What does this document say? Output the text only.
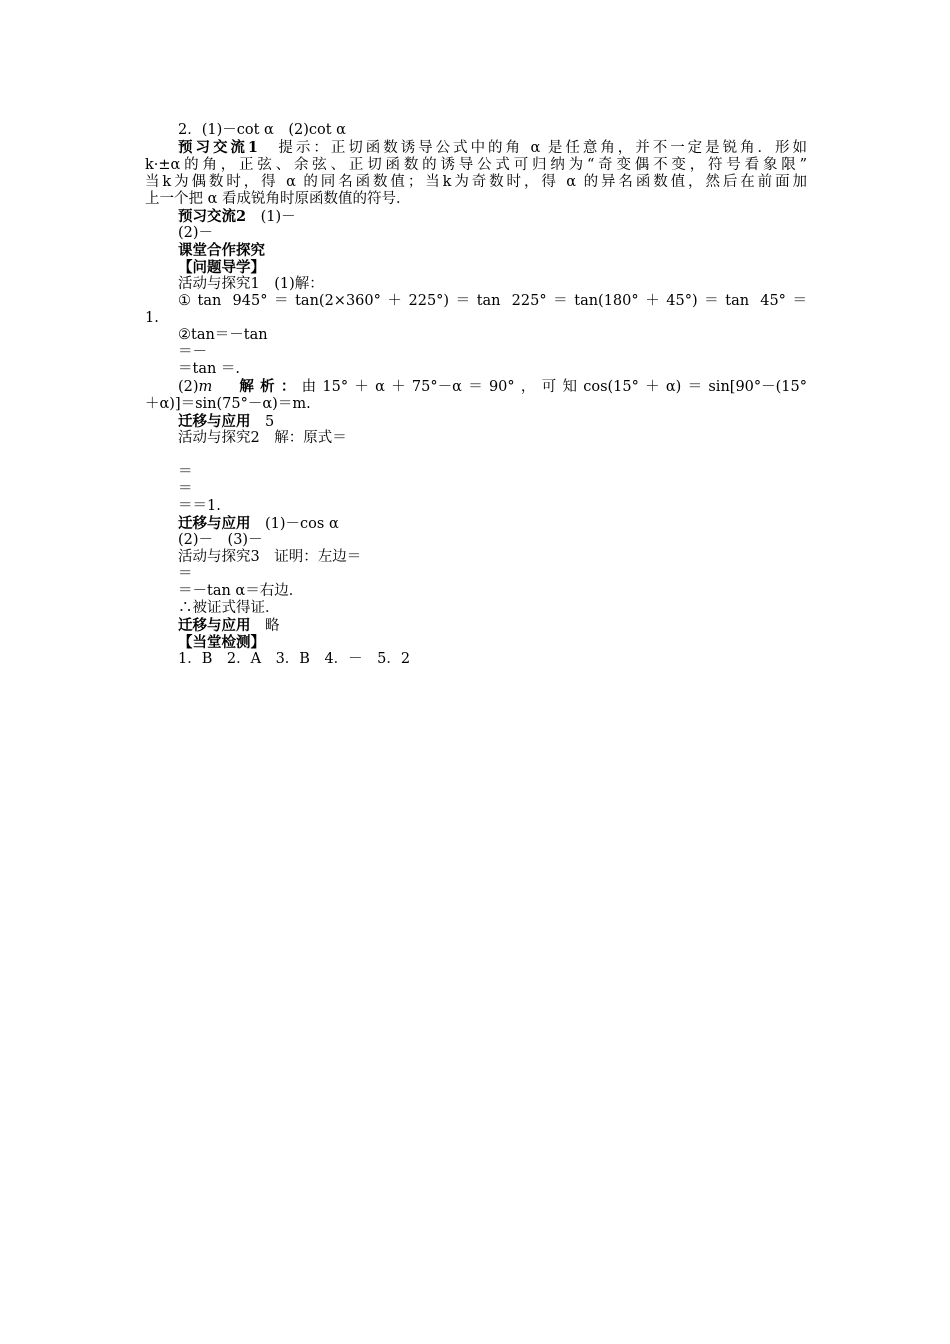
2．(1)－cot α　(2)cot α
预习交流1　提示：正切函数诱导公式中的角 α 是任意角，并不一定是锐角．形如
k·±α的角，正弦、余弦、正切函数的诱导公式可归纳为“奇变偶不变，符号看象限”
当k为偶数时，得 α 的同名函数值；当k为奇数时，得 α 的异名函数值，然后在前面加
上一个把 α 看成锐角时原函数值的符号．
预习交流2　(1)－
(2)－
课堂合作探究
【问题导学】
活动与探究1　(1)解：
①tan 945°＝tan(2×360°＋225°)＝tan 225°＝tan(180°＋45°)＝tan 45°＝
1.
②tan＝－tan
＝－
＝tan ＝.
(2)m　解析：由15°＋α＋75°－α＝90°，可知cos(15°＋α)＝sin[90°－(15°
＋α)]＝sin(75°－α)＝m.
迁移与应用　5
活动与探究2　解：原式＝
＝
＝
＝＝1.
迁移与应用　(1)－cos α
(2)－　(3)－
活动与探究3　证明：左边＝
＝
＝－tan α＝右边．
∴被证式得证．
迁移与应用　略
【当堂检测】
1．B　2．A　3．B　4．－　5．2
